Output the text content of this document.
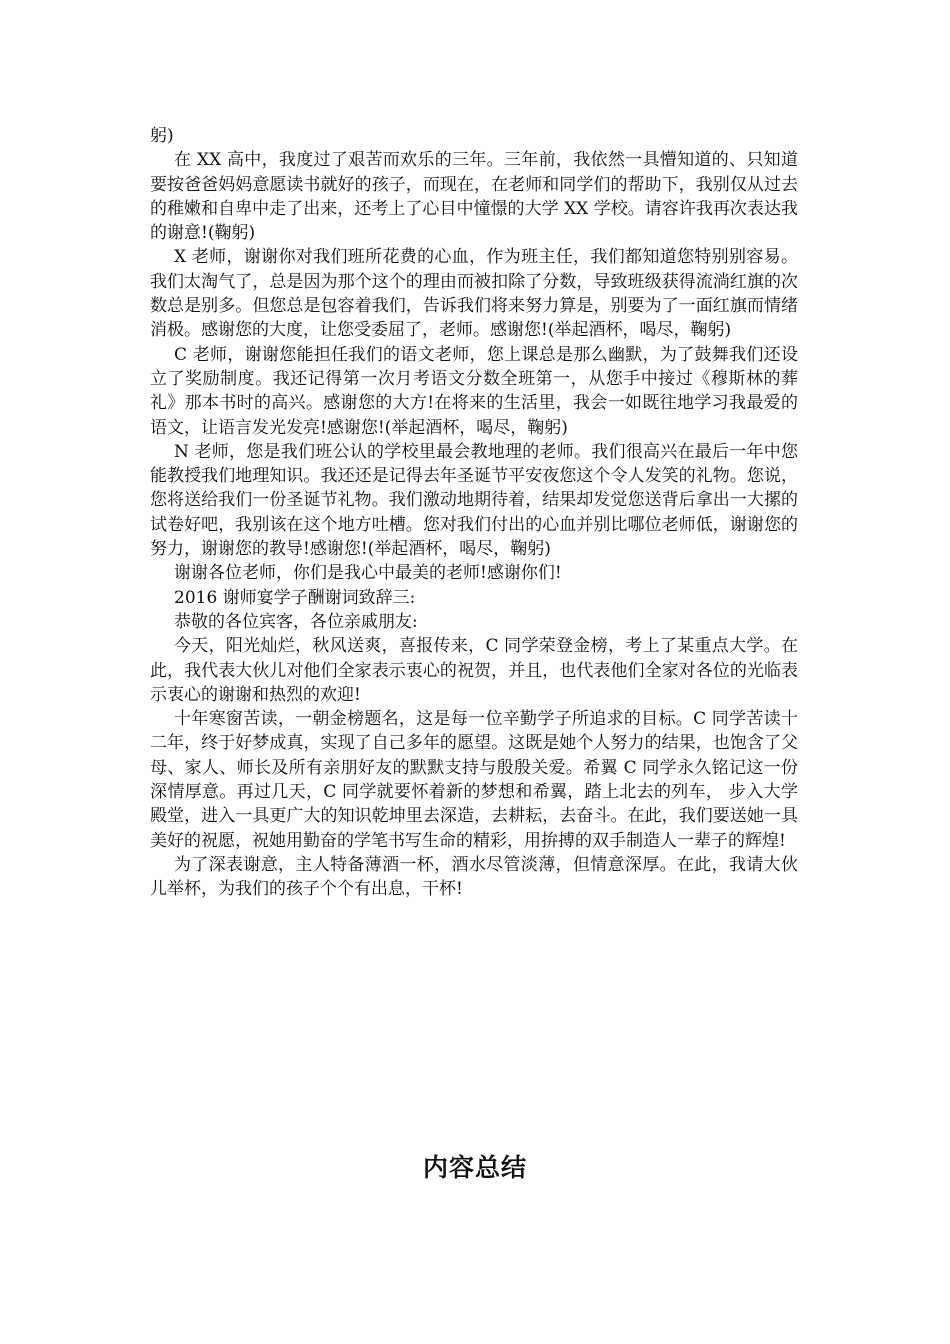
躬)

在 XX 高中，我度过了艰苦而欢乐的三年。三年前，我依然一具懵知道的、只知道要按爸爸妈妈意愿读书就好的孩子，而现在，在老师和同学们的帮助下，我别仅从过去的稚嫩和自卑中走了出来，还考上了心目中憧憬的大学 XX 学校。请容许我再次表达我的谢意!(鞠躬)

X 老师，谢谢你对我们班所花费的心血，作为班主任，我们都知道您特别别容易。我们太淘气了，总是因为那个这个的理由而被扣除了分数，导致班级获得流淌红旗的次数总是别多。但您总是包容着我们，告诉我们将来努力算是，别要为了一面红旗而情绪消极。感谢您的大度，让您受委屈了，老师。感谢您!(举起酒杯，喝尽，鞠躬)

C 老师，谢谢您能担任我们的语文老师，您上课总是那么幽默，为了鼓舞我们还设立了奖励制度。我还记得第一次月考语文分数全班第一，从您手中接过《穆斯林的葬礼》那本书时的高兴。感谢您的大方!在将来的生活里，我会一如既往地学习我最爱的语文，让语言发光发亮!感谢您!(举起酒杯，喝尽，鞠躬)

N 老师，您是我们班公认的学校里最会教地理的老师。我们很高兴在最后一年中您能教授我们地理知识。我还还是记得去年圣诞节平安夜您这个令人发笑的礼物。您说，您将送给我们一份圣诞节礼物。我们激动地期待着，结果却发觉您送背后拿出一大摞的试卷好吧，我别该在这个地方吐槽。您对我们付出的心血并别比哪位老师低，谢谢您的努力，谢谢您的教导!感谢您!(举起酒杯，喝尽，鞠躬)

谢谢各位老师，你们是我心中最美的老师!感谢你们!

2016 谢师宴学子酬谢词致辞三:

恭敬的各位宾客，各位亲戚朋友:

今天，阳光灿烂，秋风送爽，喜报传来，C 同学荣登金榜，考上了某重点大学。在此，我代表大伙儿对他们全家表示衷心的祝贺，并且，也代表他们全家对各位的光临表示衷心的谢谢和热烈的欢迎!

十年寒窗苦读，一朝金榜题名，这是每一位辛勤学子所追求的目标。C 同学苦读十二年，终于好梦成真，实现了自己多年的愿望。这既是她个人努力的结果，也饱含了父母、家人、师长及所有亲朋好友的默默支持与殷殷关爱。希翼 C 同学永久铭记这一份深情厚意。再过几天，C 同学就要怀着新的梦想和希翼，踏上北去的列车， 步入大学殿堂，进入一具更广大的知识乾坤里去深造，去耕耘，去奋斗。在此，我们要送她一具美好的祝愿，祝她用勤奋的学笔书写生命的精彩，用拚搏的双手制造人一辈子的辉煌!

为了深表谢意，主人特备薄酒一杯，酒水尽管淡薄，但情意深厚。在此，我请大伙儿举杯，为我们的孩子个个有出息，干杯!

内容总结
